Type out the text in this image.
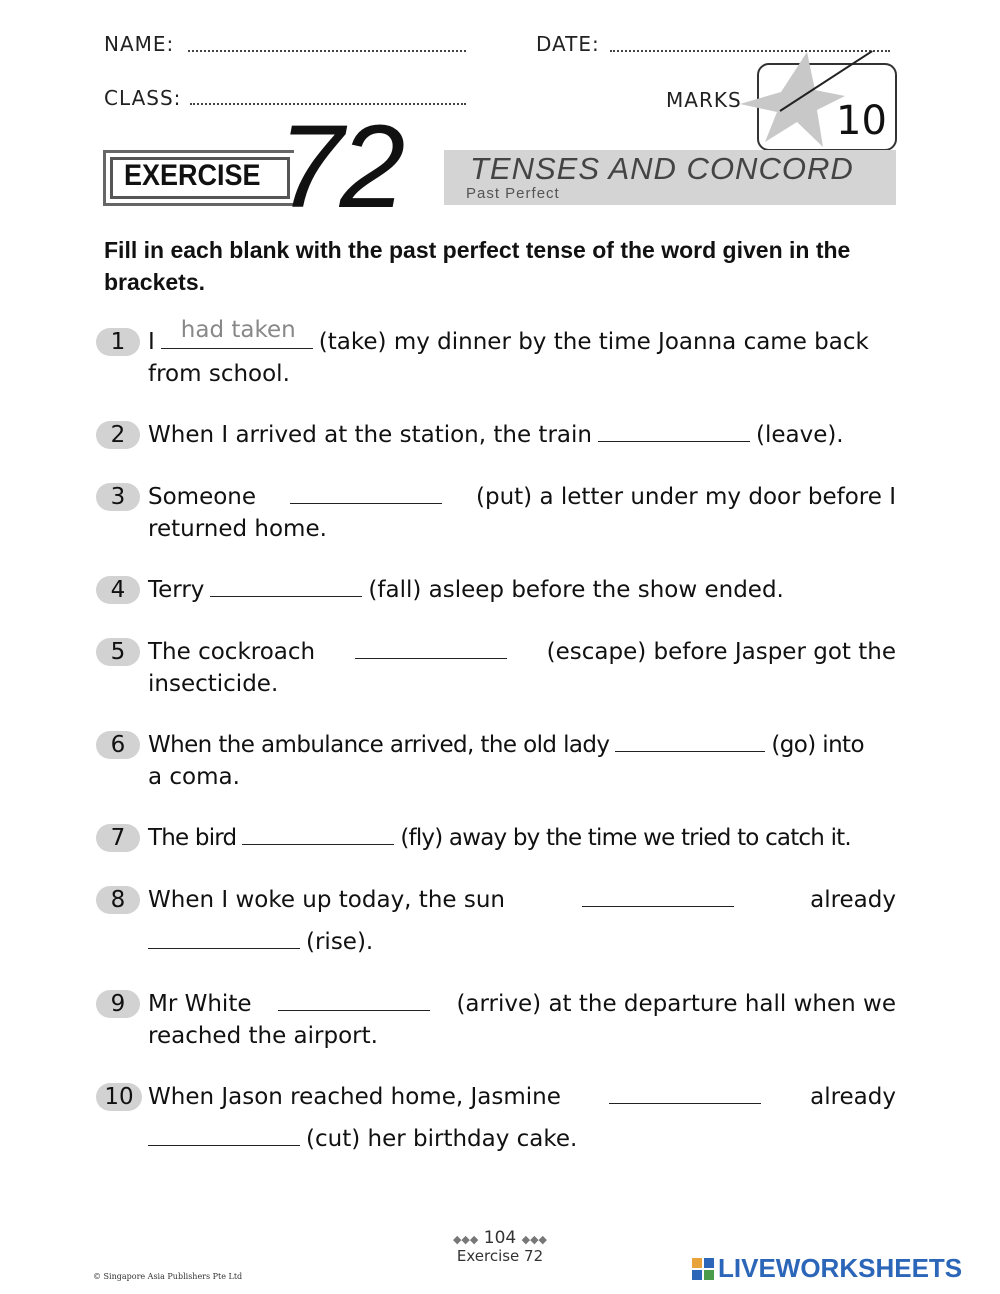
NAME:	DATE:
CLASS:	MARKS 10
EXERCISE 72 TENSES AND CONCORD
Past Perfect
Fill in each blank with the past perfect tense of the word given in the brackets.
1 I had taken (take) my dinner by the time Joanna came back
from school.
2 When I arrived at the station, the train	(leave).
3 Someone	(put) a letter under my door before I
returned home.
4 Terry	(fall) asleep before the show ended.
5 The cockroach	(escape) before Jasper got the
insecticide.
6 When the ambulance arrived, the old lady	(go) into
a coma.
7 The bird	(fly) away by the time we tried to catch it.
8 When I woke up today, the sun	already
(rise).
9 Mr White	(arrive) at the departure hall when we
reached the airport.
10 When Jason reached home, Jasmine	already
(cut) her birthday cake.
◆◆◆ 104 ◆◆◆
Exercise 72
© Singapore Asia Publishers Pte Ltd	LIVEWORKSHEETS
